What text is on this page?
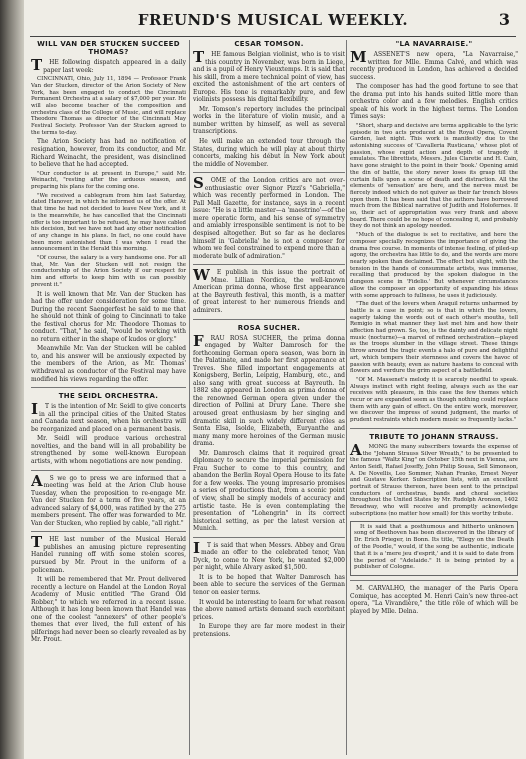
FREUND'S MUSICAL WEEKLY.	3
WILL VAN DER STUCKEN SUCCEED THOMAS?

THE following dispatch appeared in a daily paper last week:

CINCINNATI, Ohio, July 11, 1894 — Professor Frank Van der Stucken, director of the Arion Society of New York, has been engaged to conduct the Cincinnati Permanent Orchestra at a salary of $7,000 per year. He will also become teacher of the composition and orchestra class of the College of Music, and will replace Theodore Thomas as director of the Cincinnati May Festival Society. Professor Van der Stucken agreed to the terms to-day.

The Arion Society has had no notification of resignation, however, from its conductor, and Mr. Richard Weinacht, the president, was disinclined to believe that he had accepted.

"Our conductor is at present in Europe," said Mr. Weinacht, "resting after the arduous season, and preparing his plans for the coming one.

"We received a cablegram from him last Saturday, dated Hanover, in which he informed us of the offer. At that time he had not decided to leave New York, and it is the meanwhile, he has cancelled that the Cincinnati offer is too important to be refused, he may have cabled his decision, but we have not had any other notification of any change in his plans. In fact, no one could have been more astonished than I was when I read the announcement in the Herald this morning.

"Of course, the salary is a very handsome one. For all that, Mr. Van der Stucken will not resign the conductorship of the Arion Society if our respect for him and efforts to keep him with us can possibly prevent it."

It is well known that Mr. Van der Stucken has had the offer under consideration for some time. During the recent Saengerfest he said to me that he should not think of going to Cincinnati to take the festival chorus for Mr. Theodore Thomas to conduct. "That," he said, "would be working with no return either in the shape of kudos or glory."

Meanwhile Mr. Van der Stucken will be cabled to, and his answer will be anxiously expected by the members of the Arion, as Mr. Thomas' withdrawal as conductor of the Festival may have modified his views regarding the offer.

THE SEIDL ORCHESTRA.

IT is the intention of Mr. Seidl to give concerts in all the principal cities of the United States and Canada next season, when his orchestra will be reorganized and placed on a permanent basis.

Mr. Seidl will produce various orchestral novelties, and the band will in all probability be strengthened by some well-known European artists, with whom negotiations are now pending.

AS we go to press we are informed that a meeting was held at the Arion Club house Tuesday, when the proposition to re-engage Mr. Van der Stucken for a term of five years, at an advanced salary of $4,000, was ratified by the 275 members present. The offer was forwarded to Mr. Van der Stucken, who replied by cable, "all right."

THE last number of the Musical Herald publishes an amusing picture representing Handel running off with some stolen scores, pursued by Mr. Prout in the uniform of a policeman.

It will be remembered that Mr. Prout delivered recently a lecture on Handel at the London Royal Academy of Music entitled "The Grand Old Robber," to which we referred in a recent issue. Although it has long been known that Handel was one of the coolest "annexers" of other people's themes that ever lived, the full extent of his pilferings had never been so clearly revealed as by Mr. Prout.

CESAR TOMSON.

THE famous Belgian violinist, who is to visit this country in November, was born in Liege, and is a pupil of Henry Vieuxtemps. It is said that his skill, from a mere technical point of view, has excited the astonishment of the art centers of Europe. His tone is remarkably pure, and few violinists possess his digital flexibility.

Mr. Tomson's repertory includes the principal works in the literature of violin music, and a number written by himself, as well as several transcriptions.

He will make an extended tour through the States, during which he will play at about thirty concerts, making his début in New York about the middle of November.

SOME of the London critics are not over-enthusiastic over Signor Pizzi's "Gabriella," which was recently performed in London. The Pall Mall Gazette, for instance, says in a recent issue: "He is a little master—a 'maestrino'—of the mere operatic form, and his sense of symmetry and amiably irresponsible sentiment is not to be despised altogether. But so far as he declares himself in 'Gabriella' he is not a composer for whom we feel constrained to expend more than a moderate bulk of admiration."

WE publish in this issue the portrait of Mme. Lillian Nordica, the well-known American prima donna, whose first appearance at the Bayreuth festival, this month, is a matter of great interest to her numerous friends and admirers.

ROSA SUCHER.

FRAU ROSA SUCHER, the prima donna engaged by Walter Damrosch for the forthcoming German opera season, was born in the Palatinate, and made her first appearance at Treves. She filled important engagements at Konigsberg, Berlin, Leipzig, Hamburg, etc., and also sang with great success at Bayreuth. In 1882 she appeared in London as prima donna of the renowned German opera given under the direction of Pollini at Drury Lane. There she aroused great enthusiasm by her singing and dramatic skill in such widely different rôles as Senta Elsa, Isolde, Elizabeth, Euryanthe and many many more heroines of the German music drama.

Mr. Damrosch claims that it required great diplomacy to secure the imperial permission for Frau Sucher to come to this country, and abandon the Berlin Royal Opera House to its fate for a few weeks. The young impresario promises a series of productions that, from a scenic point of view, shall be simply models of accuracy and artistic taste. He is even contemplating the presentation of "Lohengrin" in its correct historical setting, as per the latest version at Munich.

IT is said that when Messrs. Abbey and Grau made an offer to the celebrated tenor, Van Dyck, to come to New York, he wanted $2,000 per night, while Alvary asked $1,500.

It is to be hoped that Walter Damrosch has been able to secure the services of the German tenor on easier terms.

It would be interesting to learn for what reason the above named artists demand such exorbitant prices.

In Europe they are far more modest in their pretensions.

"LA NAVARRAISE."

MASSENET'S new opera, "La Navarraise," written for Mlle. Emma Calvé, and which was recently produced in London, has achieved a decided success.

The composer has had the good fortune to see that the drama put into his hands suited little more than orchestra color and a few melodies. English critics speak of his work in the highest terms. The London Times says:

"Short, sharp and decisive are terms applicable to the lyric episode in two acts produced at the Royal Opera, Covent Garden, last night. This work is manifestly due to the astonishing success of 'Cavalleria Rusticana,' whose plot of passion, whose rapid action and depth of tragedy it emulates. The librettists, Messrs. Jules Claretie and H. Cain, have gone straight to the point in their 'book.' Opening amid the din of battle, the story never loses its grasp till the curtain falls upon a scene of death and distraction. All the elements of 'sensation' are here, and the nerves must be fiercely indeed which do not quiver as their far trench blows upon them. It has been said that the authors have borrowed much from the Biblical narrative of Judith and Holofernes. If so, their act of appropriation was very frank and above board. There could be no hope of concealing it, and probably they do not think an apology needed.

"Much of the dialogue is set to recitative, and here the composer specially recognizes the importance of giving the drama free course. In moments of intense feeling, of piled-up agony, the orchestra has little to do, and the words are more nearly spoken than declaimed. The effect but slight, with the tension in the hands of consummate artists, was immense, recalling that produced by the spoken dialogue in the dungeon scene in 'Fidelio.' But whenever circumstances allow the composer an opportunity of expanding his ideas with some approach to fullness, he uses it judiciously.

"The duet of the lovers when Araquil returns unharmed by battle is a case in point; so is that in which the lovers, eagerly taking the words out of each other's mouths, tell Remigio in what manner they last met him and how their affection had grown. So, too, is the dainty and delicate night music (nocturne)—a marvel of refined orchestration—played as the troops slumber in the village street. These things throw around the tragic events a halo of pure and delightful art, which tempers their sternness and covers the havoc of passion with beauty, even as nature hastens to conceal with flowers and verdure the grim aspect of a battlefield.

"Of M. Massenet's melody it is scarcely needful to speak. Always instinct with right feeling, always such as the ear receives with pleasure, in this case the few themes which recur or are expanded seem as though nothing could replace them with any gain of effect. On the entire work, moreover, we discover the impress of sound judgment, the marks of prudent restraints which modern music so frequently lacks."

TRIBUTE TO JOHANN STRAUSS.

AMONG the many subscribers towards the expense of the "Johann Strauss Silver Wreath," to be presented to the famous "Waltz King" on October 15th next in Vienna, are Anton Seidl, Rafael Joseffy, John Philip Sousa, Sell Simonson, A. De Novellis, Leo Sommer, Nahan Franko, Ernest Neyer and Gustave Kerker. Subscription lists, with an excellent portrait of Strauss thereon, have been sent to the principal conductors of orchestras, bands and choral societies throughout the United States by Mr. Rudolph Aronson, 1402 Broadway, who will receive and promptly acknowledge subscriptions (no matter how small) for this worthy tribute.

It is said that a posthumous and hitherto unknown song of Beethoven has been discovered in the library of Dr. Erich Prieger, in Bonn. Its title, "Elegy on the Death of the Poodle," would, if the song be authentic, indicate that it is a 'mere jeu d'esprit,' and it is said to date from the period of "Adelaide." It is being printed by a publisher of Cologne.

M. CARVALHO, the manager of the Paris Opera Comique, has accepted M. Henri Cain's new three-act opera, "La Vivandière," the title rôle of which will be played by Mlle. Delna.
